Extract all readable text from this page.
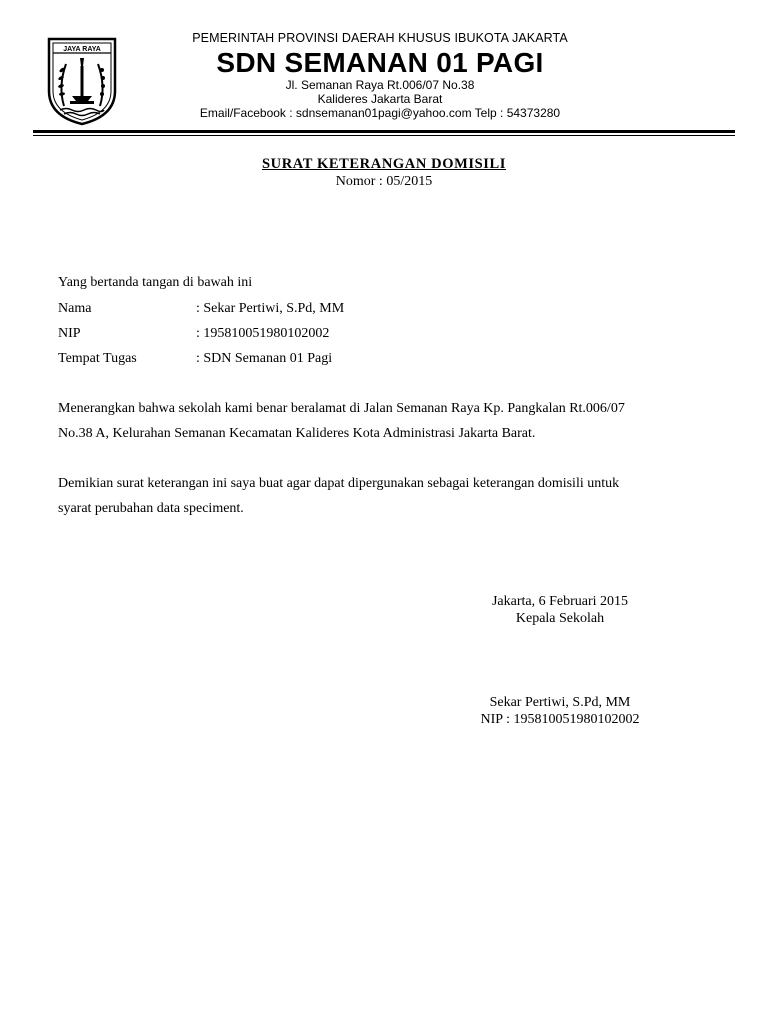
JAYA RAYA
PEMERINTAH PROVINSI DAERAH KHUSUS IBUKOTA JAKARTA
SDN SEMANAN 01 PAGI
Jl. Semanan Raya Rt.006/07 No.38
Kalideres Jakarta Barat
Email/Facebook : sdnsemanan01pagi@yahoo.com Telp : 54373280
SURAT KETERANGAN DOMISILI
Nomor : 05/2015
Yang bertanda tangan di bawah ini
Nama	: Sekar Pertiwi, S.Pd, MM
NIP	: 195810051980102002
Tempat Tugas	: SDN Semanan 01 Pagi
Menerangkan bahwa sekolah kami benar beralamat di Jalan Semanan Raya Kp. Pangkalan Rt.006/07
No.38 A, Kelurahan Semanan Kecamatan Kalideres Kota Administrasi Jakarta Barat.
Demikian surat keterangan ini saya buat agar dapat dipergunakan sebagai keterangan domisili untuk
syarat perubahan data speciment.
Jakarta, 6 Februari 2015
Kepala Sekolah
Sekar Pertiwi, S.Pd, MM
NIP : 195810051980102002
